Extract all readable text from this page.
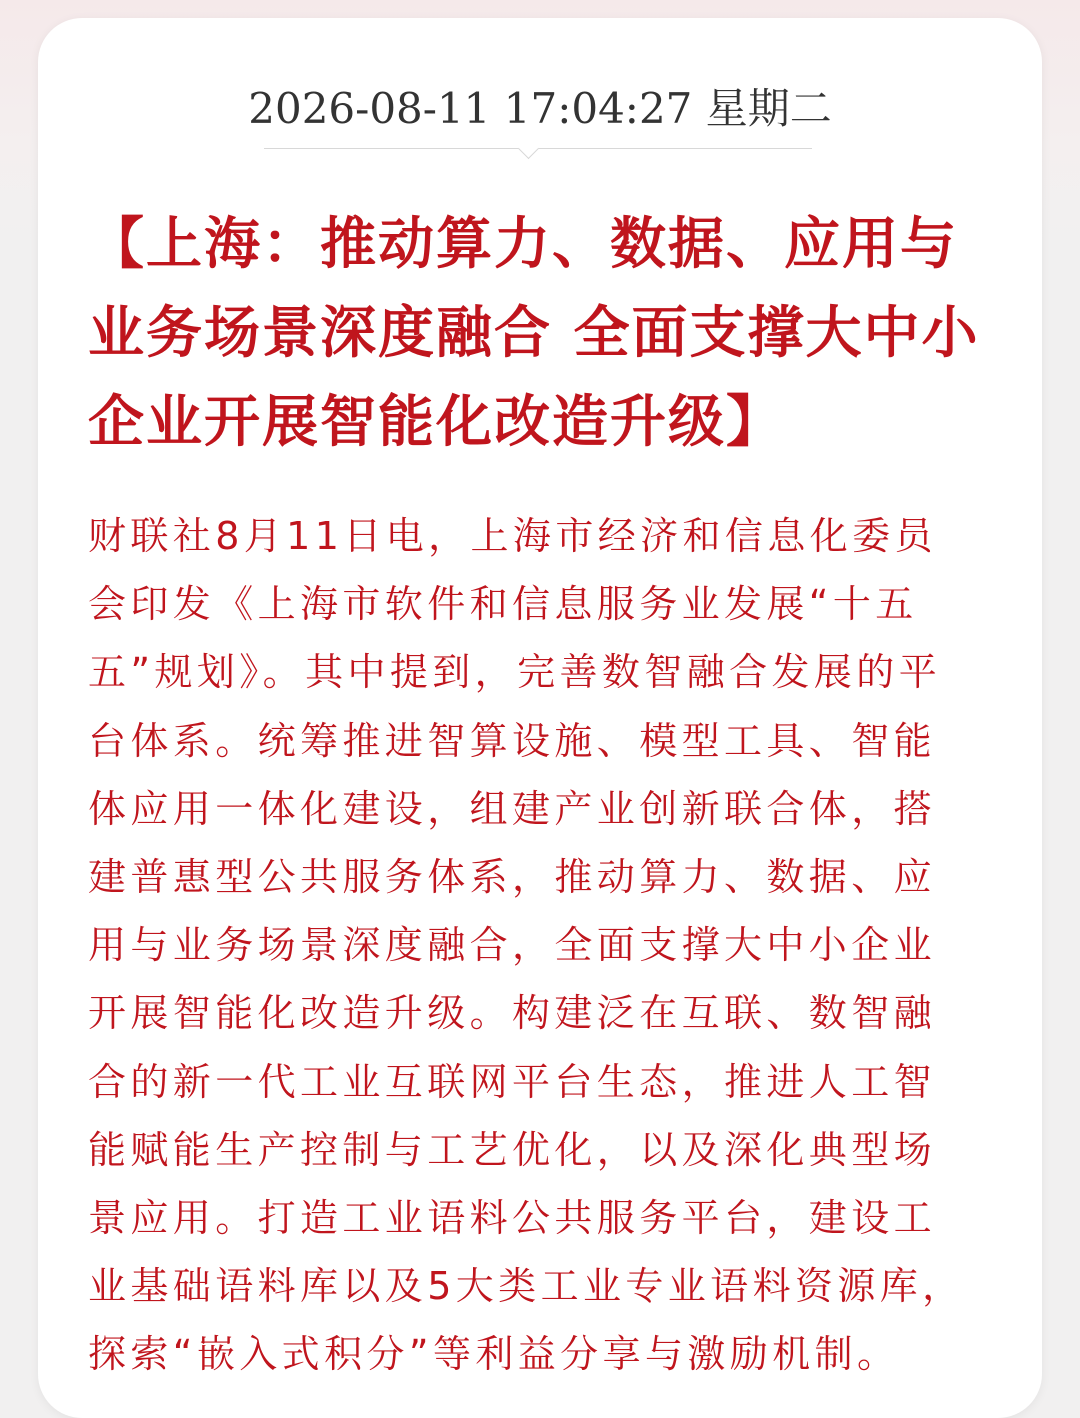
2026-08-11 17:04:27 星期二
【上海：推动算力、数据、应用与业务场景深度融合 全面支撑大中小企业开展智能化改造升级】
财联社8月11日电，上海市经济和信息化委员会印发《上海市软件和信息服务业发展“十五五”规划》。其中提到，完善数智融合发展的平台体系。统筹推进智算设施、模型工具、智能体应用一体化建设，组建产业创新联合体，搭建普惠型公共服务体系，推动算力、数据、应用与业务场景深度融合，全面支撑大中小企业开展智能化改造升级。构建泛在互联、数智融合的新一代工业互联网平台生态，推进人工智能赋能生产控制与工艺优化，以及深化典型场景应用。打造工业语料公共服务平台，建设工业基础语料库以及5大类工业专业语料资源库，探索“嵌入式积分”等利益分享与激励机制。
